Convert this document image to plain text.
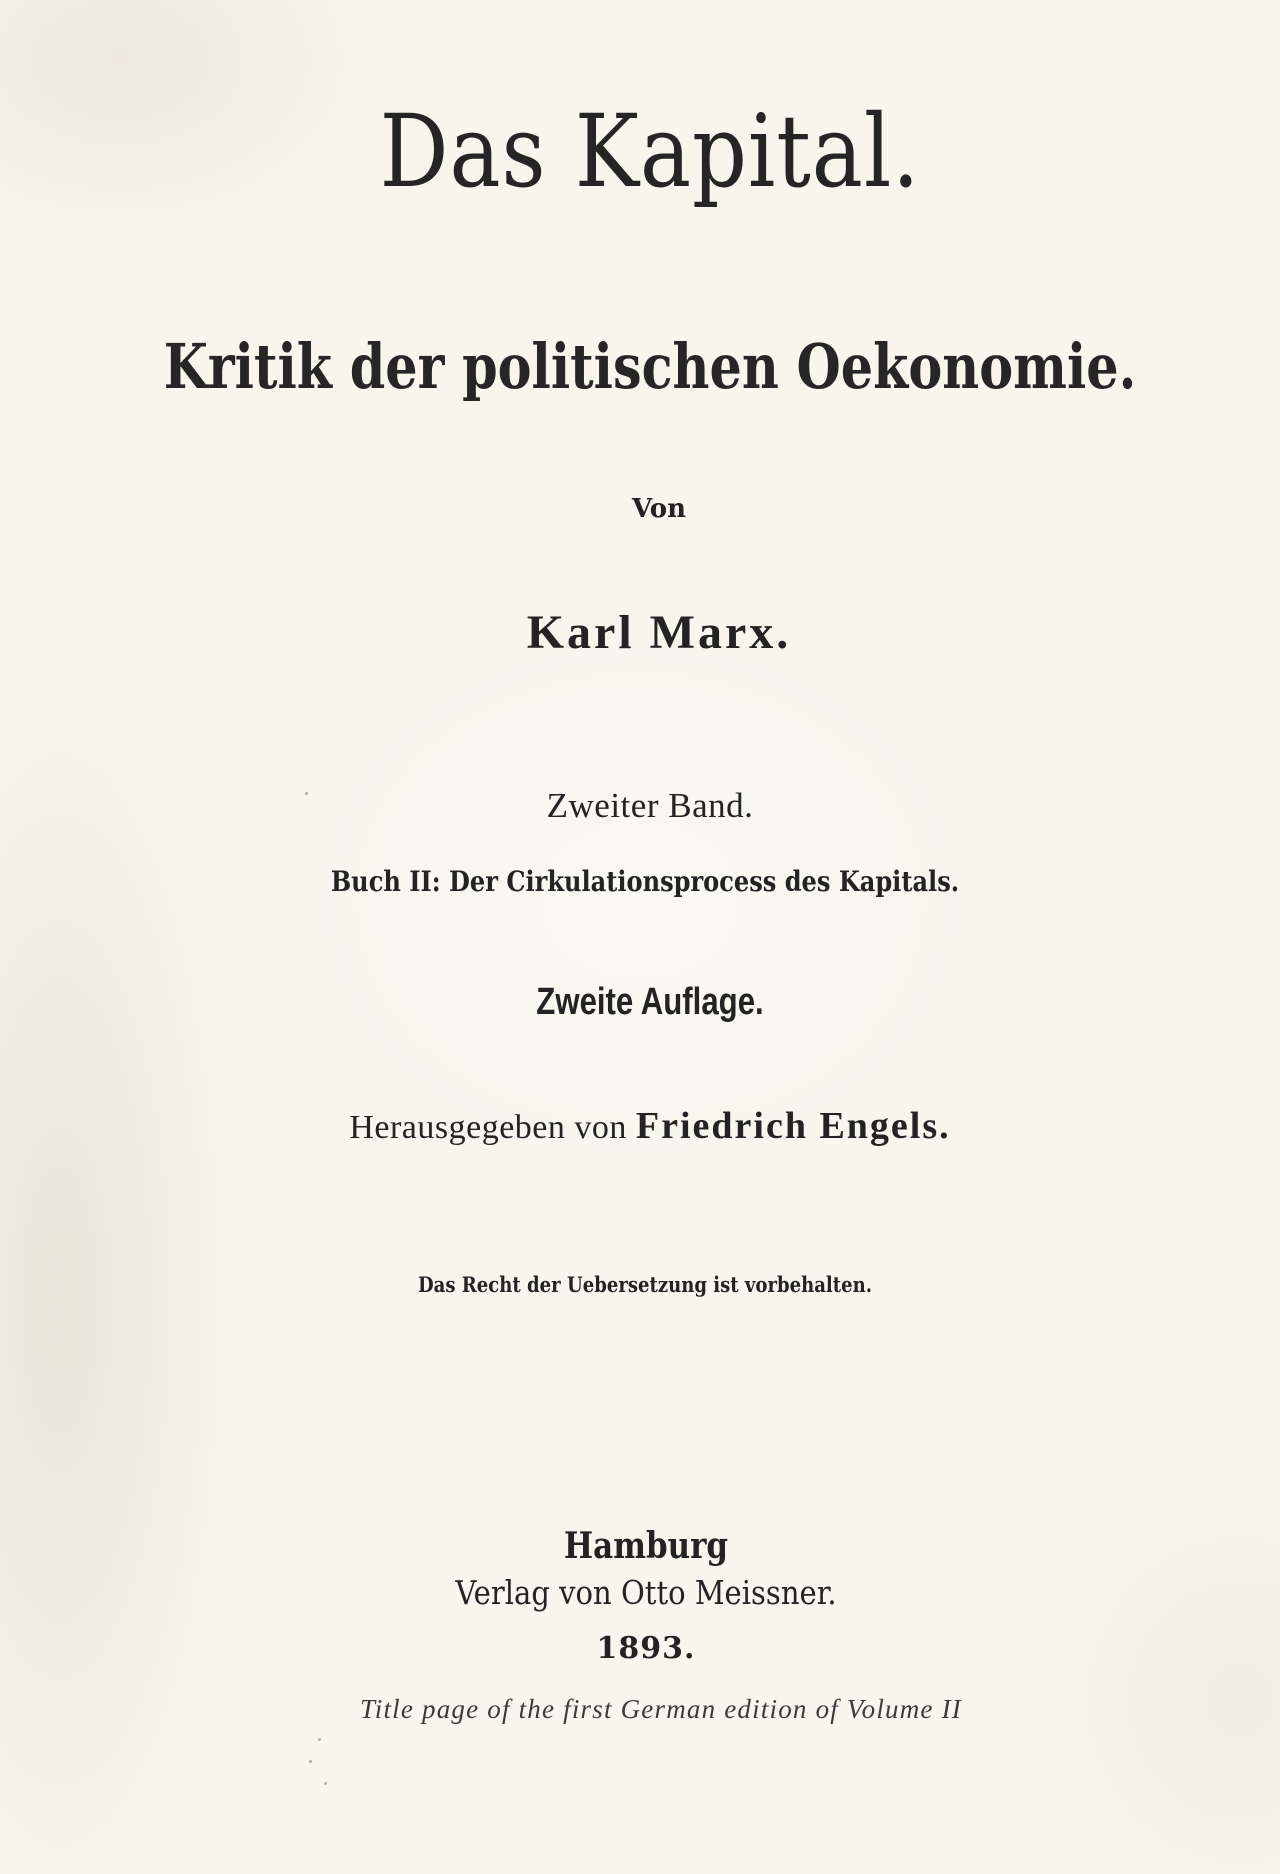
Das Kapital.
Kritik der politischen Oekonomie.
Von
Karl Marx.
Zweiter Band.
Buch II: Der Cirkulationsprocess des Kapitals.
Zweite Auflage.
Herausgegeben von Friedrich Engels.
Das Recht der Uebersetzung ist vorbehalten.
Hamburg
Verlag von Otto Meissner.
1893.
Title page of the first German edition of Volume II
